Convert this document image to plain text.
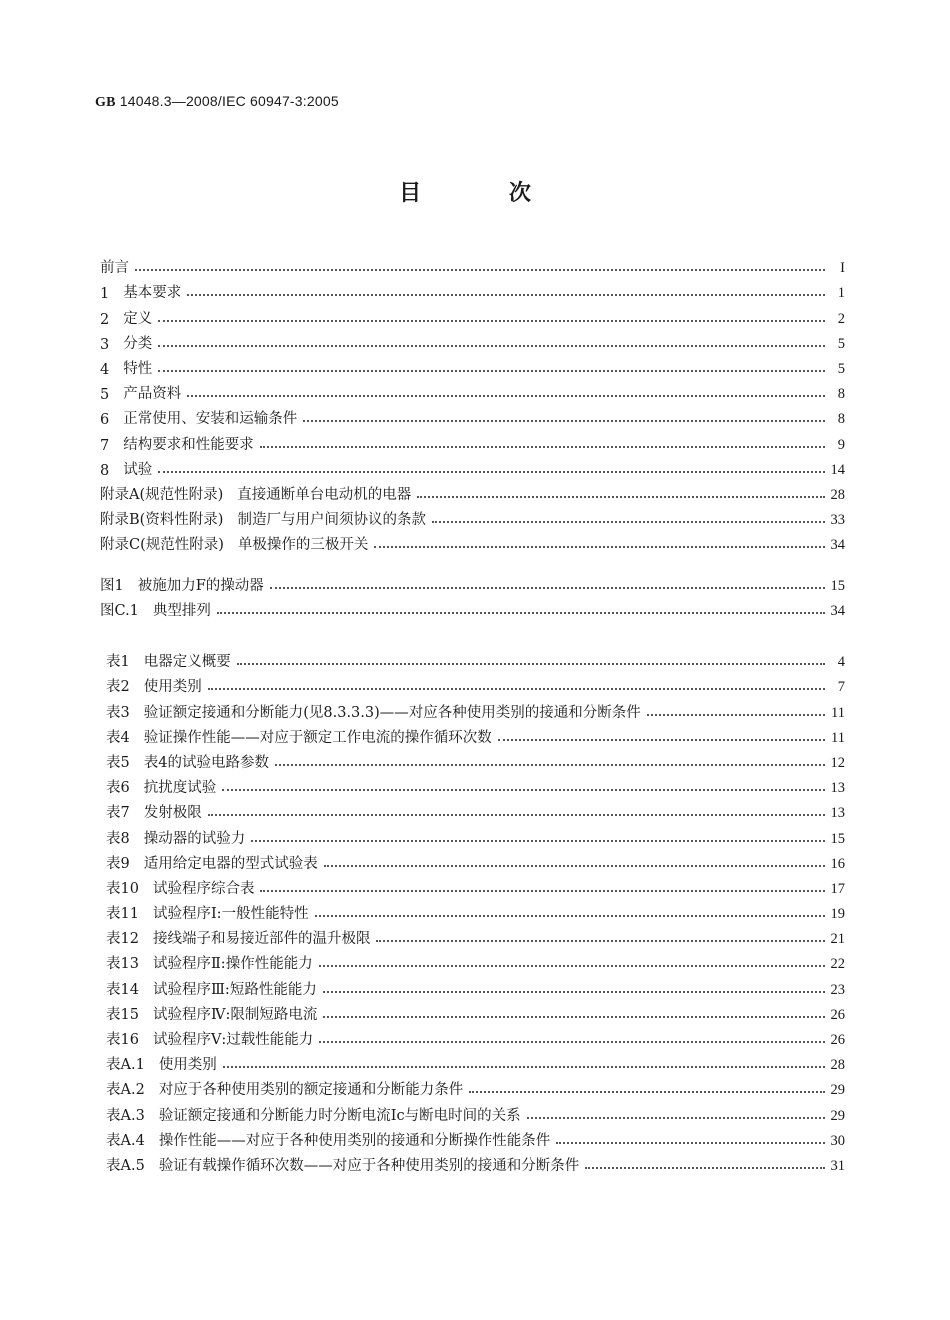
GB 14048.3—2008/IEC 60947-3:2005
目 次
前言	I
1 基本要求	1
2 定义	2
3 分类	5
4 特性	5
5 产品资料	8
6 正常使用、安装和运输条件	8
7 结构要求和性能要求	9
8 试验	14
附录A(规范性附录) 直接通断单台电动机的电器	28
附录B(资料性附录) 制造厂与用户间须协议的条款	33
附录C(规范性附录) 单极操作的三极开关	34
图1 被施加力F的操动器	15
图C.1 典型排列	34
表1 电器定义概要	4
表2 使用类别	7
表3 验证额定接通和分断能力(见8.3.3.3)——对应各种使用类别的接通和分断条件	11
表4 验证操作性能——对应于额定工作电流的操作循环次数	11
表5 表4的试验电路参数	12
表6 抗扰度试验	13
表7 发射极限	13
表8 操动器的试验力	15
表9 适用给定电器的型式试验表	16
表10 试验程序综合表	17
表11 试验程序Ⅰ:一般性能特性	19
表12 接线端子和易接近部件的温升极限	21
表13 试验程序Ⅱ:操作性能能力	22
表14 试验程序Ⅲ:短路性能能力	23
表15 试验程序Ⅳ:限制短路电流	26
表16 试验程序Ⅴ:过载性能能力	26
表A.1 使用类别	28
表A.2 对应于各种使用类别的额定接通和分断能力条件	29
表A.3 验证额定接通和分断能力时分断电流Ic与断电时间的关系	29
表A.4 操作性能——对应于各种使用类别的接通和分断操作性能条件	30
表A.5 验证有载操作循环次数——对应于各种使用类别的接通和分断条件	31
